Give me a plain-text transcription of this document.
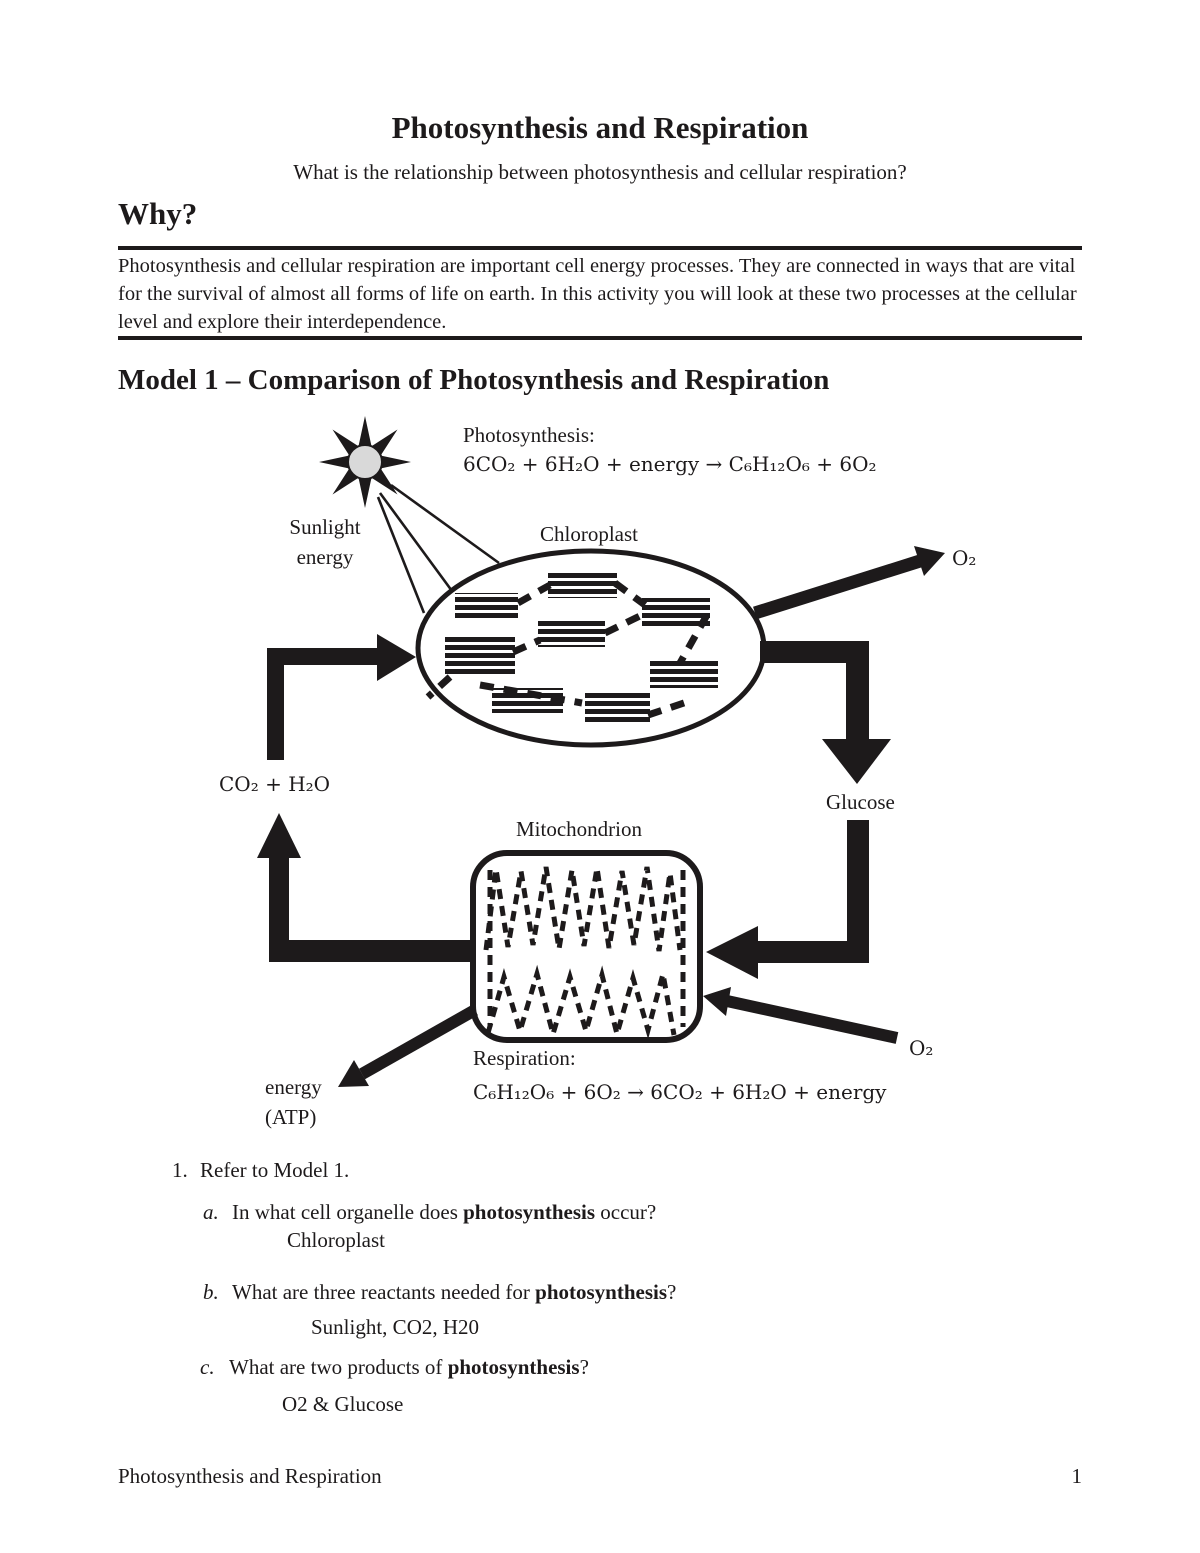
Photosynthesis and Respiration
What is the relationship between photosynthesis and cellular respiration?
Why?
Photosynthesis and cellular respiration are important cell energy processes. They are connected in ways that are vital for the survival of almost all forms of life on earth. In this activity you will look at these two processes at the cellular level and explore their interdependence.
Model 1 – Comparison of Photosynthesis and Respiration
Photosynthesis:
6CO₂ + 6H₂O + energy → C₆H₁₂O₆ + 6O₂
Sunlight
energy
Chloroplast
O₂
CO₂ + H₂O
Glucose
Mitochondrion
O₂
energy
(ATP)
Respiration:
C₆H₁₂O₆ + 6O₂ → 6CO₂ + 6H₂O + energy
1. Refer to Model 1.
a. In what cell organelle does photosynthesis occur?
Chloroplast
b. What are three reactants needed for photosynthesis?
Sunlight, CO2, H20
c. What are two products of photosynthesis?
O2 & Glucose
Photosynthesis and Respiration	1
